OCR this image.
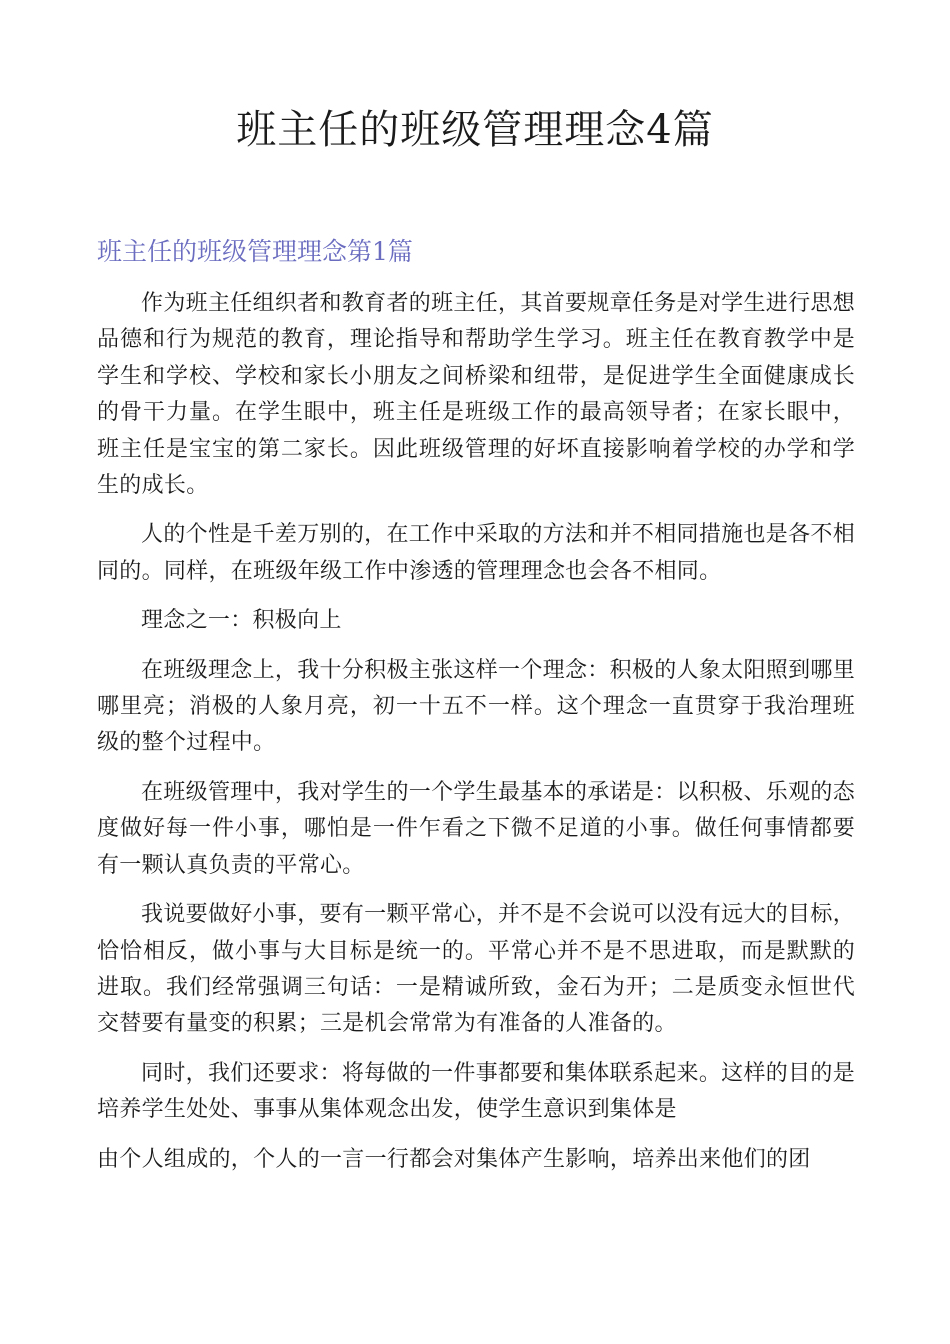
班主任的班级管理理念4篇
班主任的班级管理理念第1篇

作为班主任组织者和教育者的班主任，其首要规章任务是对学生进行思想品德和行为规范的教育，理论指导和帮助学生学习。班主任在教育教学中是学生和学校、学校和家长小朋友之间桥梁和纽带，是促进学生全面健康成长的骨干力量。在学生眼中，班主任是班级工作的最高领导者；在家长眼中，班主任是宝宝的第二家长。因此班级管理的好坏直接影响着学校的办学和学生的成长。

人的个性是千差万别的，在工作中采取的方法和并不相同措施也是各不相同的。同样，在班级年级工作中渗透的管理理念也会各不相同。

理念之一：积极向上

在班级理念上，我十分积极主张这样一个理念：积极的人象太阳照到哪里哪里亮；消极的人象月亮，初一十五不一样。这个理念一直贯穿于我治理班级的整个过程中。

在班级管理中，我对学生的一个学生最基本的承诺是：以积极、乐观的态度做好每一件小事，哪怕是一件乍看之下微不足道的小事。做任何事情都要有一颗认真负责的平常心。

我说要做好小事，要有一颗平常心，并不是不会说可以没有远大的目标，恰恰相反，做小事与大目标是统一的。平常心并不是不思进取，而是默默的进取。我们经常强调三句话：一是精诚所致，金石为开；二是质变永恒世代交替要有量变的积累；三是机会常常为有准备的人准备的。

同时，我们还要求：将每做的一件事都要和集体联系起来。这样的目的是培养学生处处、事事从集体观念出发，使学生意识到集体是

由个人组成的，个人的一言一行都会对集体产生影响，培养出来他们的团
